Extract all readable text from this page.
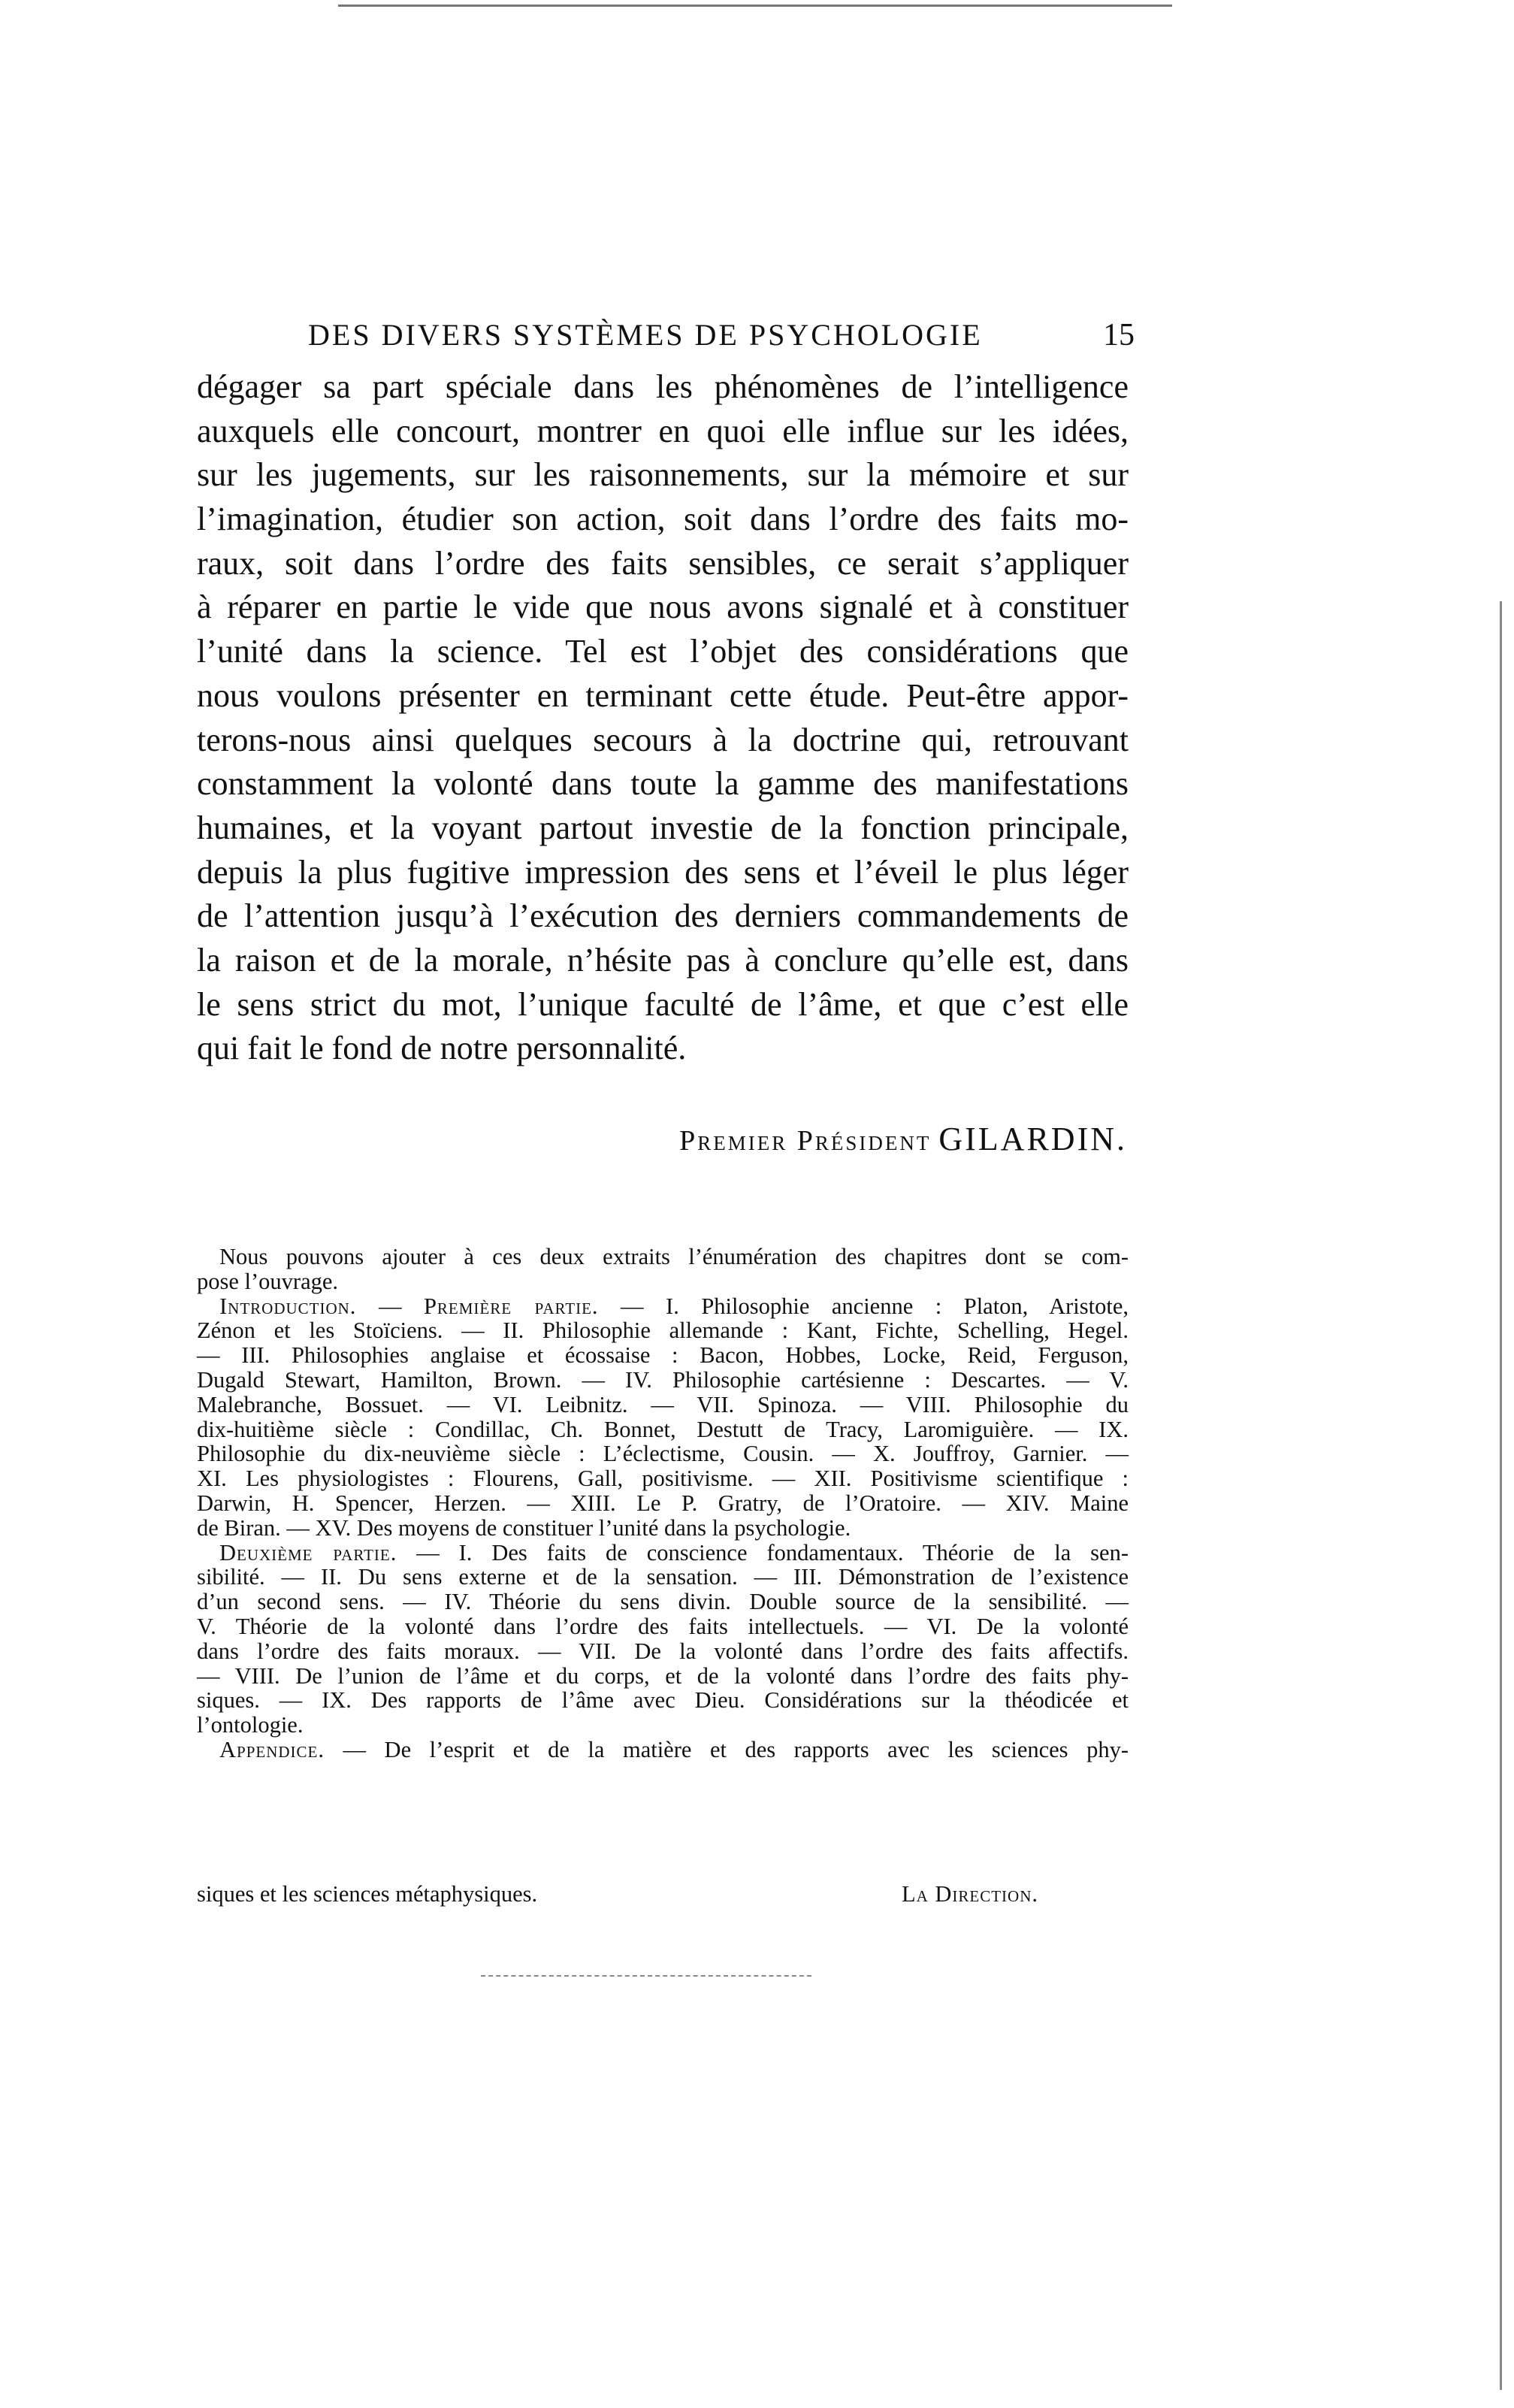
DES DIVERS SYSTÈMES DE PSYCHOLOGIE	15
dégager sa part spéciale dans les phénomènes de l’intelligence
auxquels elle concourt, montrer en quoi elle influe sur les idées,
sur les jugements, sur les raisonnements, sur la mémoire et sur
l’imagination, étudier son action, soit dans l’ordre des faits mo-
raux, soit dans l’ordre des faits sensibles, ce serait s’appliquer
à réparer en partie le vide que nous avons signalé et à constituer
l’unité dans la science. Tel est l’objet des considérations que
nous voulons présenter en terminant cette étude. Peut-être appor-
terons-nous ainsi quelques secours à la doctrine qui, retrouvant
constamment la volonté dans toute la gamme des manifestations
humaines, et la voyant partout investie de la fonction principale,
depuis la plus fugitive impression des sens et l’éveil le plus léger
de l’attention jusqu’à l’exécution des derniers commandements de
la raison et de la morale, n’hésite pas à conclure qu’elle est, dans
le sens strict du mot, l’unique faculté de l’âme, et que c’est elle
qui fait le fond de notre personnalité.
Premier Président GILARDIN.
Nous pouvons ajouter à ces deux extraits l’énumération des chapitres dont se com-
pose l’ouvrage.
Introduction. — Première partie. — I. Philosophie ancienne : Platon, Aristote,
Zénon et les Stoïciens. — II. Philosophie allemande : Kant, Fichte, Schelling, Hegel.
— III. Philosophies anglaise et écossaise : Bacon, Hobbes, Locke, Reid, Ferguson,
Dugald Stewart, Hamilton, Brown. — IV. Philosophie cartésienne : Descartes. — V.
Malebranche, Bossuet. — VI. Leibnitz. — VII. Spinoza. — VIII. Philosophie du
dix-huitième siècle : Condillac, Ch. Bonnet, Destutt de Tracy, Laromiguière. — IX.
Philosophie du dix-neuvième siècle : L’éclectisme, Cousin. — X. Jouffroy, Garnier. —
XI. Les physiologistes : Flourens, Gall, positivisme. — XII. Positivisme scientifique :
Darwin, H. Spencer, Herzen. — XIII. Le P. Gratry, de l’Oratoire. — XIV. Maine
de Biran. — XV. Des moyens de constituer l’unité dans la psychologie.
Deuxième partie. — I. Des faits de conscience fondamentaux. Théorie de la sen-
sibilité. — II. Du sens externe et de la sensation. — III. Démonstration de l’existence
d’un second sens. — IV. Théorie du sens divin. Double source de la sensibilité. —
V. Théorie de la volonté dans l’ordre des faits intellectuels. — VI. De la volonté
dans l’ordre des faits moraux. — VII. De la volonté dans l’ordre des faits affectifs.
— VIII. De l’union de l’âme et du corps, et de la volonté dans l’ordre des faits phy-
siques. — IX. Des rapports de l’âme avec Dieu. Considérations sur la théodicée et
l’ontologie.
Appendice. — De l’esprit et de la matière et des rapports avec les sciences phy-
siques et les sciences métaphysiques.	La Direction.
